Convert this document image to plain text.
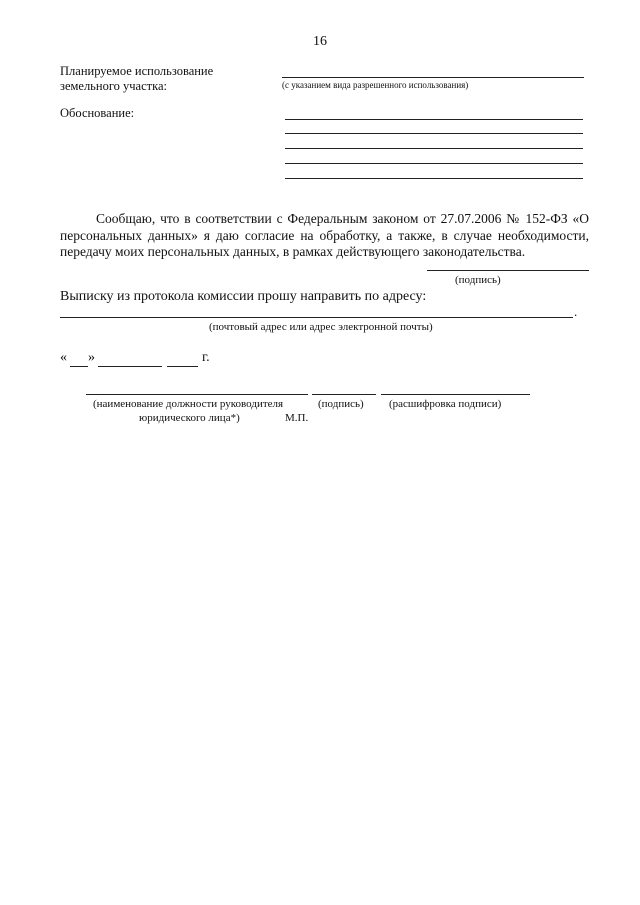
16
Планируемое использование
земельного участка:	(с указанием вида разрешенного использования)
Обоснование:
Сообщаю, что в соответствии с Федеральным законом от 27.07.2006 № 152-ФЗ «О персональных данных» я даю согласие на обработку, а также, в случае необходимости, передачу моих персональных данных, в рамках действующего законодательства.
(подпись)
Выписку из протокола комиссии прошу направить по адресу:
.
(почтовый адрес или адрес электронной почты)
« »	г.
(наименование должности руководителя	(подпись) (расшифровка подписи)
юридического лица*)	М.П.
